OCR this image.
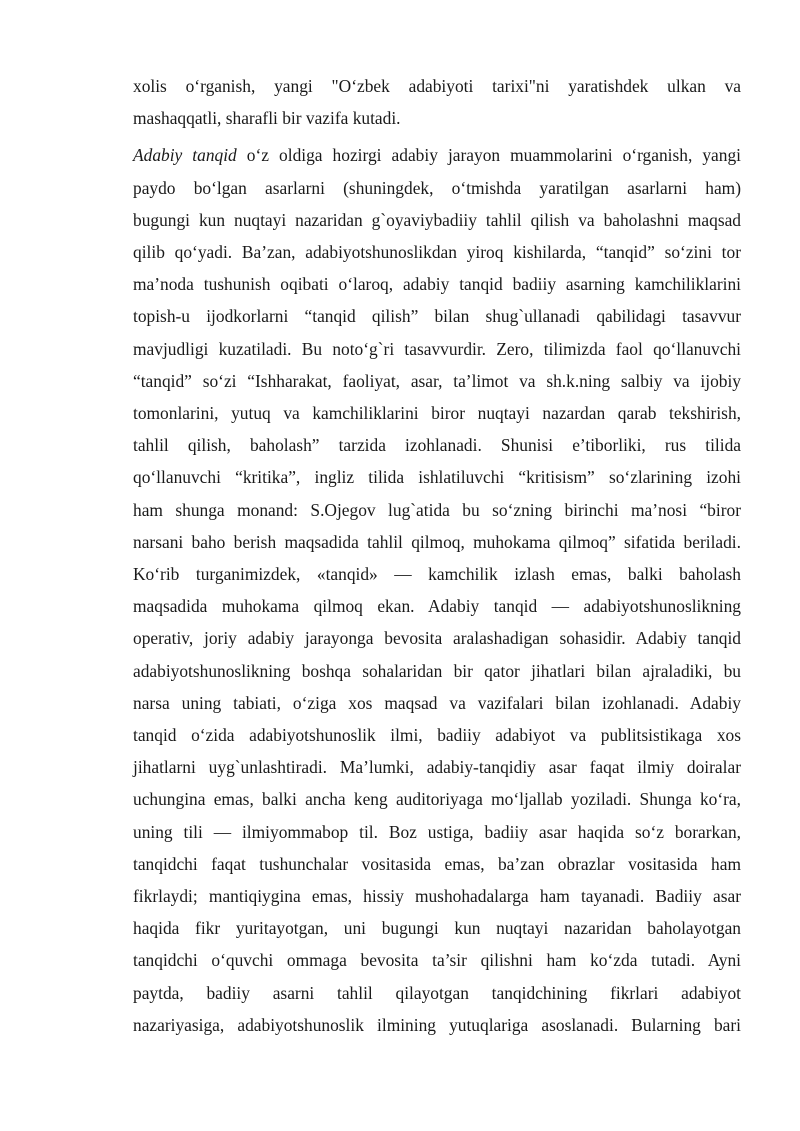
xolis o‘rganish, yangi "O‘zbek adabiyoti tarixi"ni yaratishdek ulkan va
mashaqqatli, sharafli bir vazifa kutadi.

Adabiy tanqid o‘z oldiga hozirgi adabiy jarayon muammolarini o‘rganish, yangi
paydo bo‘lgan asarlarni (shuningdek, o‘tmishda yaratilgan asarlarni ham)
bugungi kun nuqtayi nazaridan g`oyaviybadiiy tahlil qilish va baholashni maqsad
qilib qo‘yadi. Ba’zan, adabiyotshunoslikdan yiroq kishilarda, “tanqid” so‘zini tor
ma’noda tushunish oqibati o‘laroq, adabiy tanqid badiiy asarning kamchiliklarini
topish-u ijodkorlarni “tanqid qilish” bilan shug`ullanadi qabilidagi tasavvur
mavjudligi kuzatiladi. Bu noto‘g`ri tasavvurdir. Zero, tilimizda faol qo‘llanuvchi
“tanqid” so‘zi “Ishharakat, faoliyat, asar, ta’limot va sh.k.ning salbiy va ijobiy
tomonlarini, yutuq va kamchiliklarini biror nuqtayi nazardan qarab tekshirish,
tahlil qilish, baholash” tarzida izohlanadi. Shunisi e’tiborliki, rus tilida
qo‘llanuvchi “kritika”, ingliz tilida ishlatiluvchi “kritisism” so‘zlarining izohi
ham shunga monand: S.Ojegov lug`atida bu so‘zning birinchi ma’nosi “biror
narsani baho berish maqsadida tahlil qilmoq, muhokama qilmoq” sifatida beriladi.
Ko‘rib turganimizdek, «tanqid» — kamchilik izlash emas, balki baholash
maqsadida muhokama qilmoq ekan. Adabiy tanqid — adabiyotshunoslikning
operativ, joriy adabiy jarayonga bevosita aralashadigan sohasidir. Adabiy tanqid
adabiyotshunoslikning boshqa sohalaridan bir qator jihatlari bilan ajraladiki, bu
narsa uning tabiati, o‘ziga xos maqsad va vazifalari bilan izohlanadi. Adabiy
tanqid o‘zida adabiyotshunoslik ilmi, badiiy adabiyot va publitsistikaga xos
jihatlarni uyg`unlashtiradi. Ma’lumki, adabiy-tanqidiy asar faqat ilmiy doiralar
uchungina emas, balki ancha keng auditoriyaga mo‘ljallab yoziladi. Shunga ko‘ra,
uning tili — ilmiyommabop til. Boz ustiga, badiiy asar haqida so‘z borarkan,
tanqidchi faqat tushunchalar vositasida emas, ba’zan obrazlar vositasida ham
fikrlaydi; mantiqiygina emas, hissiy mushohadalarga ham tayanadi. Badiiy asar
haqida fikr yuritayotgan, uni bugungi kun nuqtayi nazaridan baholayotgan
tanqidchi o‘quvchi ommaga bevosita ta’sir qilishni ham ko‘zda tutadi. Ayni
paytda, badiiy asarni tahlil qilayotgan tanqidchining fikrlari adabiyot
nazariyasiga, adabiyotshunoslik ilmining yutuqlariga asoslanadi. Bularning bari
